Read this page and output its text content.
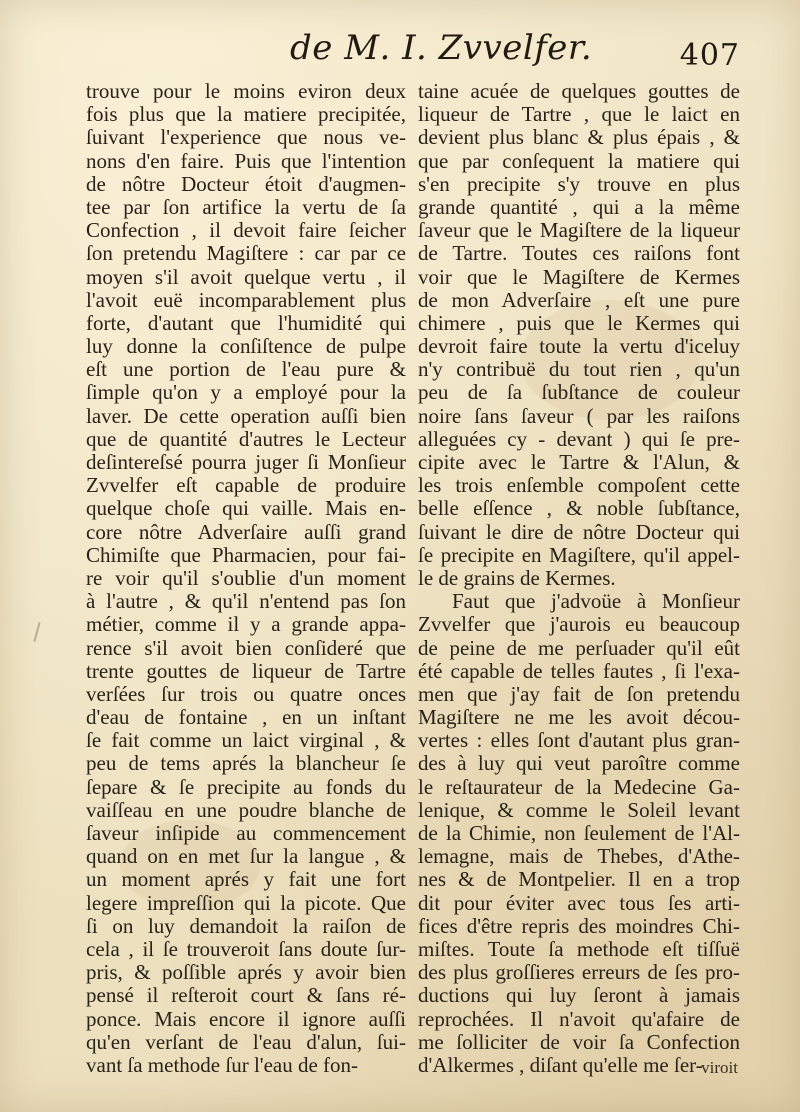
de M. I. Zvvelfer.	407
trouve pour le moins eviron deux
fois plus que la matiere precipitée,
ſuivant l'experience que nous ve-
nons d'en faire. Puis que l'intention
de nôtre Docteur étoit d'augmen-
tee par ſon artifice la vertu de ſa
Confection , il devoit faire ſeicher
ſon pretendu Magiſtere : car par ce
moyen s'il avoit quelque vertu , il
l'avoit euë incomparablement plus
forte, d'autant que l'humidité qui
luy donne la conſiſtence de pulpe
eſt une portion de l'eau pure &
ſimple qu'on y a employé pour la
laver. De cette operation auſſi bien
que de quantité d'autres le Lecteur
deſintereſsé pourra juger ſi Monſieur
Zvvelfer eſt capable de produire
quelque choſe qui vaille. Mais en-
core nôtre Adverſaire auſſi grand
Chimiſte que Pharmacien, pour fai-
re voir qu'il s'oublie d'un moment
à l'autre , & qu'il n'entend pas ſon
métier, comme il y a grande appa-
rence s'il avoit bien conſideré que
trente gouttes de liqueur de Tartre
verſées ſur trois ou quatre onces
d'eau de fontaine , en un inſtant
ſe fait comme un laict virginal , &
peu de tems aprés la blancheur ſe
ſepare & ſe precipite au fonds du
vaiſſeau en une poudre blanche de
ſaveur inſipide au commencement
quand on en met ſur la langue , &
un moment aprés y fait une fort
legere impreſſion qui la picote. Que
ſi on luy demandoit la raiſon de
cela , il ſe trouveroit ſans doute ſur-
pris, & poſſible aprés y avoir bien
pensé il reſteroit court & ſans ré-
ponce. Mais encore il ignore auſſi
qu'en verſant de l'eau d'alun, ſui-
vant ſa methode ſur l'eau de fon-
taine acuée de quelques gouttes de
liqueur de Tartre , que le laict en
devient plus blanc & plus épais , &
que par conſequent la matiere qui
s'en precipite s'y trouve en plus
grande quantité , qui a la même
ſaveur que le Magiſtere de la liqueur
de Tartre. Toutes ces raiſons font
voir que le Magiſtere de Kermes
de mon Adverſaire , eſt une pure
chimere , puis que le Kermes qui
devroit faire toute la vertu d'iceluy
n'y contribuë du tout rien , qu'un
peu de ſa ſubſtance de couleur
noire ſans ſaveur ( par les raiſons
alleguées cy - devant ) qui ſe pre-
cipite avec le Tartre & l'Alun, &
les trois enſemble compoſent cette
belle eſſence , & noble ſubſtance,
ſuivant le dire de nôtre Docteur qui
ſe precipite en Magiſtere, qu'il appel-
le de grains de Kermes.
Faut que j'advoüe à Monſieur
Zvvelfer que j'aurois eu beaucoup
de peine de me perſuader qu'il eût
été capable de telles fautes , ſi l'exa-
men que j'ay fait de ſon pretendu
Magiſtere ne me les avoit décou-
vertes : elles ſont d'autant plus gran-
des à luy qui veut paroître comme
le reſtaurateur de la Medecine Ga-
lenique, & comme le Soleil levant
de la Chimie, non ſeulement de l'Al-
lemagne, mais de Thebes, d'Athe-
nes & de Montpelier. Il en a trop
dit pour éviter avec tous ſes arti-
fices d'être repris des moindres Chi-
miſtes. Toute ſa methode eſt tiſſuë
des plus groſſieres erreurs de ſes pro-
ductions qui luy ſeront à jamais
reprochées. Il n'avoit qu'afaire de
me ſolliciter de voir ſa Confection
d'Alkermes , diſant qu'elle me ſer-
viroit
